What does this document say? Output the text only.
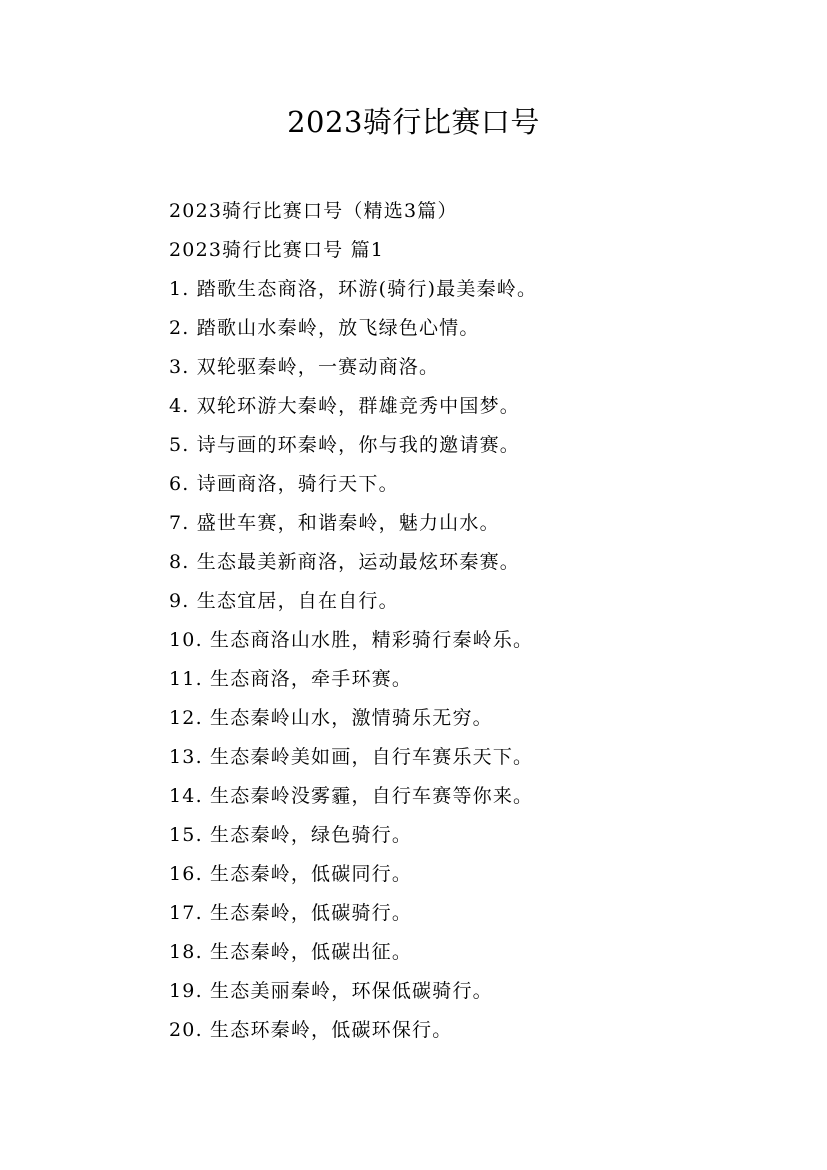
2023骑行比赛口号

2023骑行比赛口号（精选3篇）

2023骑行比赛口号 篇1

1. 踏歌生态商洛，环游(骑行)最美秦岭。
2. 踏歌山水秦岭，放飞绿色心情。
3. 双轮驱秦岭，一赛动商洛。
4. 双轮环游大秦岭，群雄竞秀中国梦。
5. 诗与画的环秦岭，你与我的邀请赛。
6. 诗画商洛，骑行天下。
7. 盛世车赛，和谐秦岭，魅力山水。
8. 生态最美新商洛，运动最炫环秦赛。
9. 生态宜居，自在自行。
10. 生态商洛山水胜，精彩骑行秦岭乐。
11. 生态商洛，牵手环赛。
12. 生态秦岭山水，激情骑乐无穷。
13. 生态秦岭美如画，自行车赛乐天下。
14. 生态秦岭没雾霾，自行车赛等你来。
15. 生态秦岭，绿色骑行。
16. 生态秦岭，低碳同行。
17. 生态秦岭，低碳骑行。
18. 生态秦岭，低碳出征。
19. 生态美丽秦岭，环保低碳骑行。
20. 生态环秦岭，低碳环保行。
